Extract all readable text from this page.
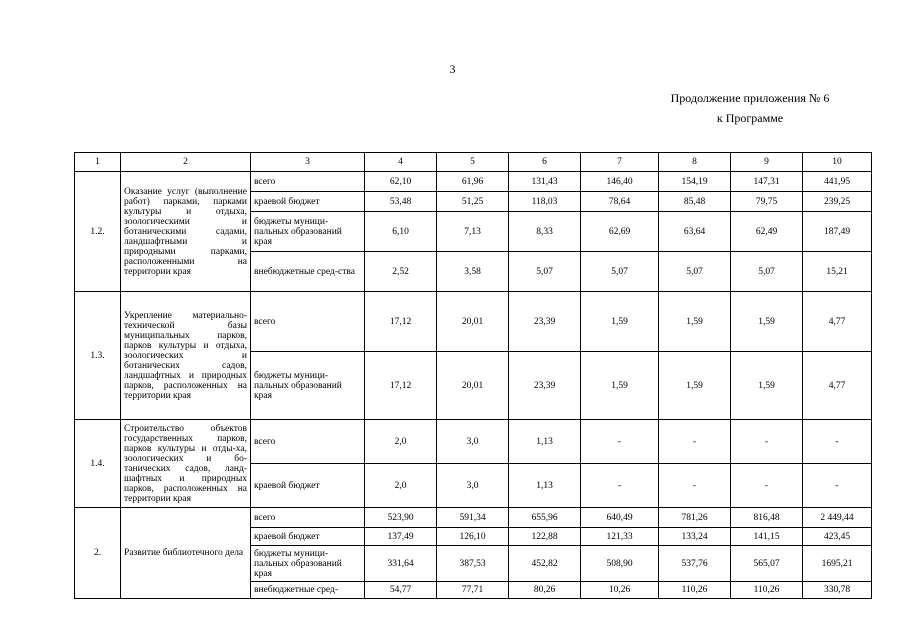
3
Продолжение приложения № 6
к Программе
1	2	3	4	5	6	7	8	9	10
1.2.	Оказание услуг (выполнение работ) парками, парками культуры и отдыха, зоологическими и ботаническими садами, ландшафтными и природными парками, расположенными на территории края	всего	62,10	61,96	131,43	146,40	154,19	147,31	441,95
		краевой бюджет	53,48	51,25	118,03	78,64	85,48	79,75	239,25
		бюджеты муници-пальных образований края	6,10	7,13	8,33	62,69	63,64	62,49	187,49
		внебюджетные сред-ства	2,52	3,58	5,07	5,07	5,07	5,07	15,21
1.3.	Укрепление материально-технической базы муниципальных парков, парков культуры и отдыха, зоологических и ботанических садов, ландшафтных и природных парков, расположенных на территории края	всего	17,12	20,01	23,39	1,59	1,59	1,59	4,77
		бюджеты муници-пальных образований края	17,12	20,01	23,39	1,59	1,59	1,59	4,77
1.4.	Строительство объектов государственных парков, парков культуры и отды-ха, зоологических и бо-танических садов, ланд-шафтных и природных парков, расположенных на территории края	всего	2,0	3,0	1,13	-	-	-	-
		краевой бюджет	2,0	3,0	1,13	-	-	-	-
2.	Развитие библиотечного дела	всего	523,90	591,34	655,96	640,49	781,26	816,48	2 449,44
		краевой бюджет	137,49	126,10	122,88	121,33	133,24	141,15	423,45
		бюджеты муници-пальных образований края	331,64	387,53	452,82	508,90	537,76	565,07	1695,21
		внебюджетные сред-	54,77	77,71	80,26	10,26	110,26	110,26	330,78
